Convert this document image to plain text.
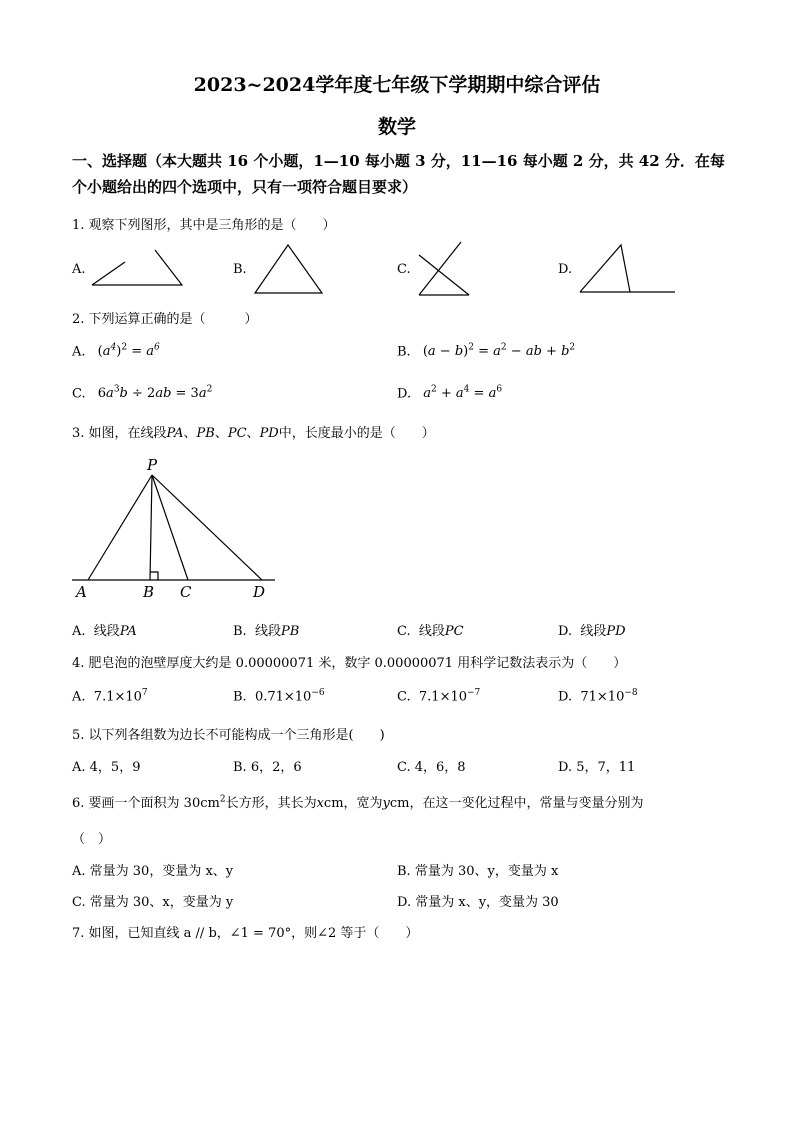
2023~2024学年度七年级下学期期中综合评估
数学
一、选择题（本大题共 16 个小题，1—10 每小题 3 分，11—16 每小题 2 分，共 42 分．在每
个小题给出的四个选项中，只有一项符合题目要求）
1. 观察下列图形，其中是三角形的是（　　）
A.	B.	C.	D.
2. 下列运算正确的是（　　　）
A. $(a^4)^2 = a^6$	B. $(a - b)^2 = a^2$ − ab + $b^2$
C. $6a^3b \div 2ab = 3a^2$	D. $a^2 + a^4 = a^6$
3. 如图，在线段PA、PB、PC、PD中，长度最小的是（　　）
P
A	B C	D
A. 线段PA	B. 线段PB	C. 线段PC	D. 线段PD
4. 肥皂泡的泡壁厚度大约是 0.00000071 米，数字 0.00000071 用科学记数法表示为（　　）
A. $7.1\times 10^7$	B. $0.71\times 10^{-6}$	C. $7.1\times 10^{-7}$	D. $71\times 10^{-8}$
5. 以下列各组数为边长不可能构成一个三角形是(　　)
A. 4，5，9	B. 6，2，6	C. 4，6，8	D. 5，7，11
6. 要画一个面积为 $30cm^2$长方形，其长为xcm，宽为ycm，在这一变化过程中，常量与变量分别为
（　）
A. 常量为 30，变量为 x、y	B. 常量为 30、y，变量为 x
C. 常量为 30、x，变量为 y	D. 常量为 x、y，变量为 30
7. 如图，已知直线 a // b，∠1 = 70°，则∠2 等于（　　）
